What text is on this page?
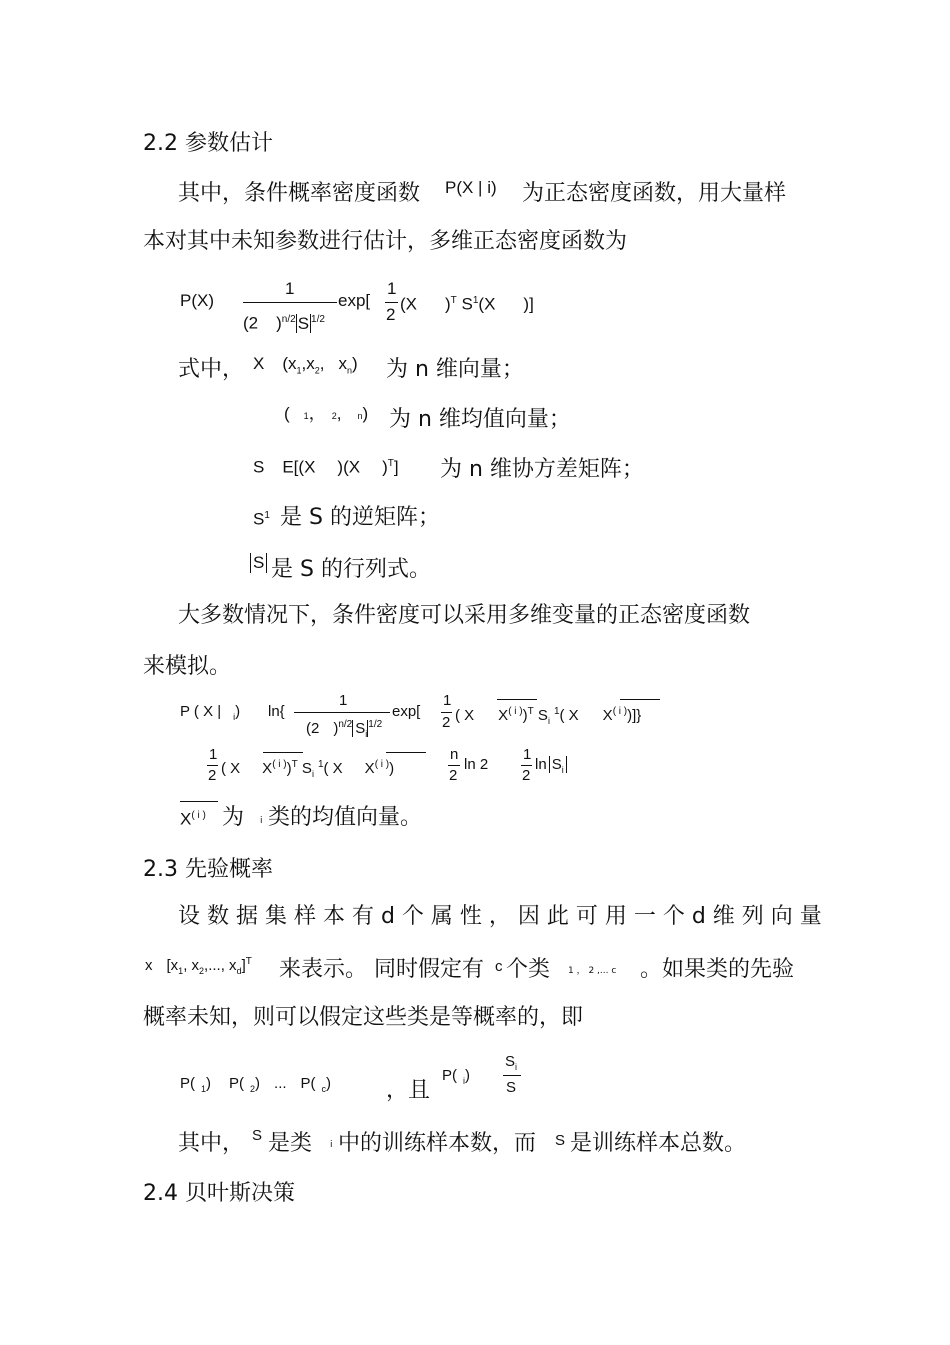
2.2 参数估计
其中，条件概率密度函数 P(X | i) 为正态密度函数，用大量样
本对其中未知参数进行估计，多维正态密度函数为
P(X)
1
(2 )$^{n/2}$ S $^{1/2}$
exp[
1
2
(X )$^T$ $S^1(X$ )]
式中， X ($x_1,x_2$, $x_n$) 为 n 维向量；
( 1， 2, n) 为 n 维均值向量；
S E[(X )(X )$^T$] 为 n 维协方差矩阵；
$S^1$ 是 S 的逆矩阵；
S 是 S 的行列式。
大多数情况下，条件密度可以采用多维变量的正态密度函数
来模拟。
P ( X | $_i$) ln{
1
(2 )$^{n/2}$ $S_i^{1/2}$
exp[
1
2 ( X $X^{( i )})^T$ $S_i^1$( X $X^{( i )}$)]}
1
2 ( X $X^{( i )})^T$ $S_i^1$( X $X^{( i )}$)
n
2
ln 2
1
2
$\ln S_i$
$X^{( i )}$ 为 i 类的均值向量。
2.3 先验概率
设 数 据 集 样 本 有 d 个 属 性 ， 因 此 可 用 一 个 d 维 列 向 量
x [$x_1$, $x_2$,..., $x_d]^T$ 来表示。 同时假定有 c 个类 1 ， 2 ,... c 。如果类的先验
概率未知，则可以假定这些类是等概率的，即
P( $_1$) P( $_2$) ... P( $_c$) ，且
P( $_i$)
$S_i$
S
其中， S 是类 i 中的训练样本数，而 S 是训练样本总数。
2.4 贝叶斯决策
